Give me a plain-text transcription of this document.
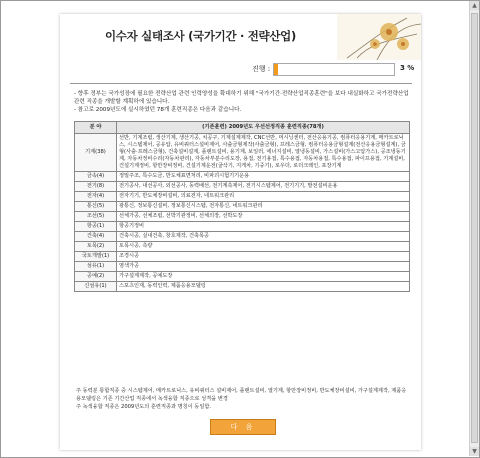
▲
▼
이수자 실태조사 (국가기간 · 전략산업)
진행 :	3 %

- 향후 정부는 국가성장에 필요한 전략산업 관련 인력양성을 확대하기 위해 "국가기간·전략산업직종훈련"을 보다 내실화하고 국가전략산업 관련 직종을 개발할 계획하에 있습니다.

- 참고로 2009년도에 실시하였던 78개 훈련직종은 다음과 같습니다.

분 야	(기존훈련) 2009년도 우선선정직종 훈련직종(78개)
기계(38)	선반, 기계조립, 생산기계, 생산기공, 치공구, 기계설계제작, CNC선반, 머시닝센터, 전산응용기공, 컴퓨터응용기계, 메카트로닉스, 시스템제어, 공유압, 유비쿼터스설비제어, 사출금형제작(사출금형), 프레스금형, 컴퓨터응용금형설계(전산응용금형설계), 금형(사출·프레스금형), 건축설비설계, 플랜트설비, 용기계, 보일러, 에너지설비, 열냉동설비, 가스설비(가스고압가스), 공조냉동기계, 자동차정비수리(자동차관리), 자동차부분수리도장, 용접, 전기용접, 특수용접, 자동차용접, 특수용접, 파이프용접, 기계설비, 건설기계정비, 항만장비정비, 건설기계운전(굴삭기, 지게차, 기중기), 로우더, 로더크레인, 포장기계
금속(4)	정밀주조, 특수도금, 반도체표면처리, 비파괴시험기기운용
전기(8)	전기공사, 내선공사, 외선공사, 동력배선, 전기계측제어, 전기시스템제어, 전기기기, 발전설비운용
전자(4)	전자기기, 반도체장비설비, 의료전자, 네트워크관리
통신(5)	광통신, 정보통신설비, 정보통신시스템, 전자통신, 네트워크관리
조선(5)	선체가공, 선체조립, 선박기관정비, 선체의장, 선박도장
항공(1)	항공기정비
건축(4)	건축시공, 실내건축, 창호제작, 건축목공
토목(2)	토목시공, 측량
국토개발(1)	조경시공
섬유(1)	염색가공
공예(2)	가구설계제작, 공예도장
신섬유(1)	스포츠인재, 동력인력, 제품응용모델링

주 동력분 통합직종 중 시스템제어, 메카트로닉스, 유비쿼터스 설비제어, 플랜트설비, 열기계, 항만장비정비, 반도체장비설비, 가구설계제작, 제품응용모델링은 기존 기간산업 직종에서 녹색융합 직종으로 성격을 변경

주 녹색융합 직종은 2009년도의 훈련직종과 명칭이 동일함.

다 음
